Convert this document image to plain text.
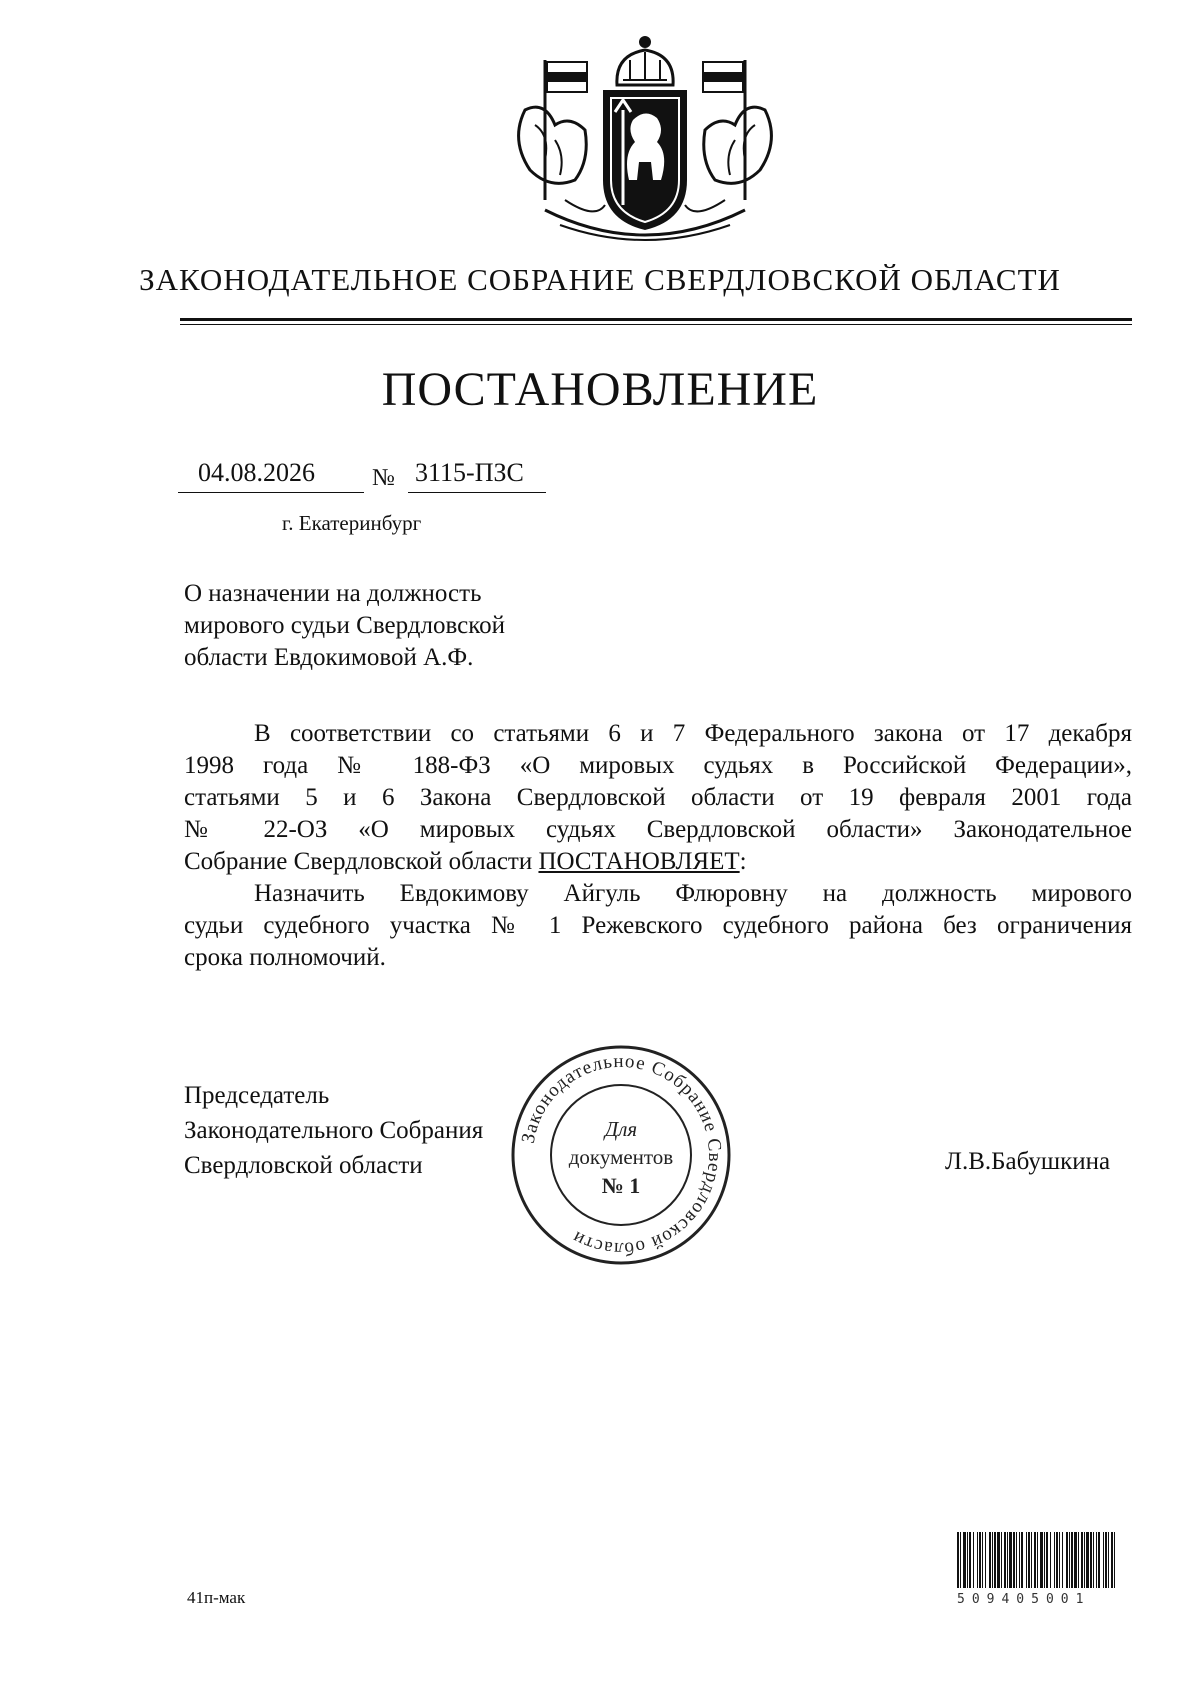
ЗАКОНОДАТЕЛЬНОЕ СОБРАНИЕ СВЕРДЛОВСКОЙ ОБЛАСТИ
ПОСТАНОВЛЕНИЕ
04.08.2026 № 3115-ПЗС
г. Екатеринбург
О назначении на должность
мирового судьи Свердловской
области Евдокимовой А.Ф.
В соответствии со статьями 6 и 7 Федерального закона от 17 декабря
1998 года № 188-ФЗ «О мировых судьях в Российской Федерации»,
статьями 5 и 6 Закона Свердловской области от 19 февраля 2001 года
№ 22-ОЗ «О мировых судьях Свердловской области» Законодательное
Собрание Свердловской области ПОСТАНОВЛЯЕТ:
Назначить Евдокимову Айгуль Флюровну на должность мирового
судьи судебного участка № 1 Режевского судебного района без ограничения
срока полномочий.
Председатель
Законодательного Собрания
Свердловской области
Законодательное Собрание Свердловской области
Для
документов
№ 1
Л.В.Бабушкина
509405001
41п-мак
